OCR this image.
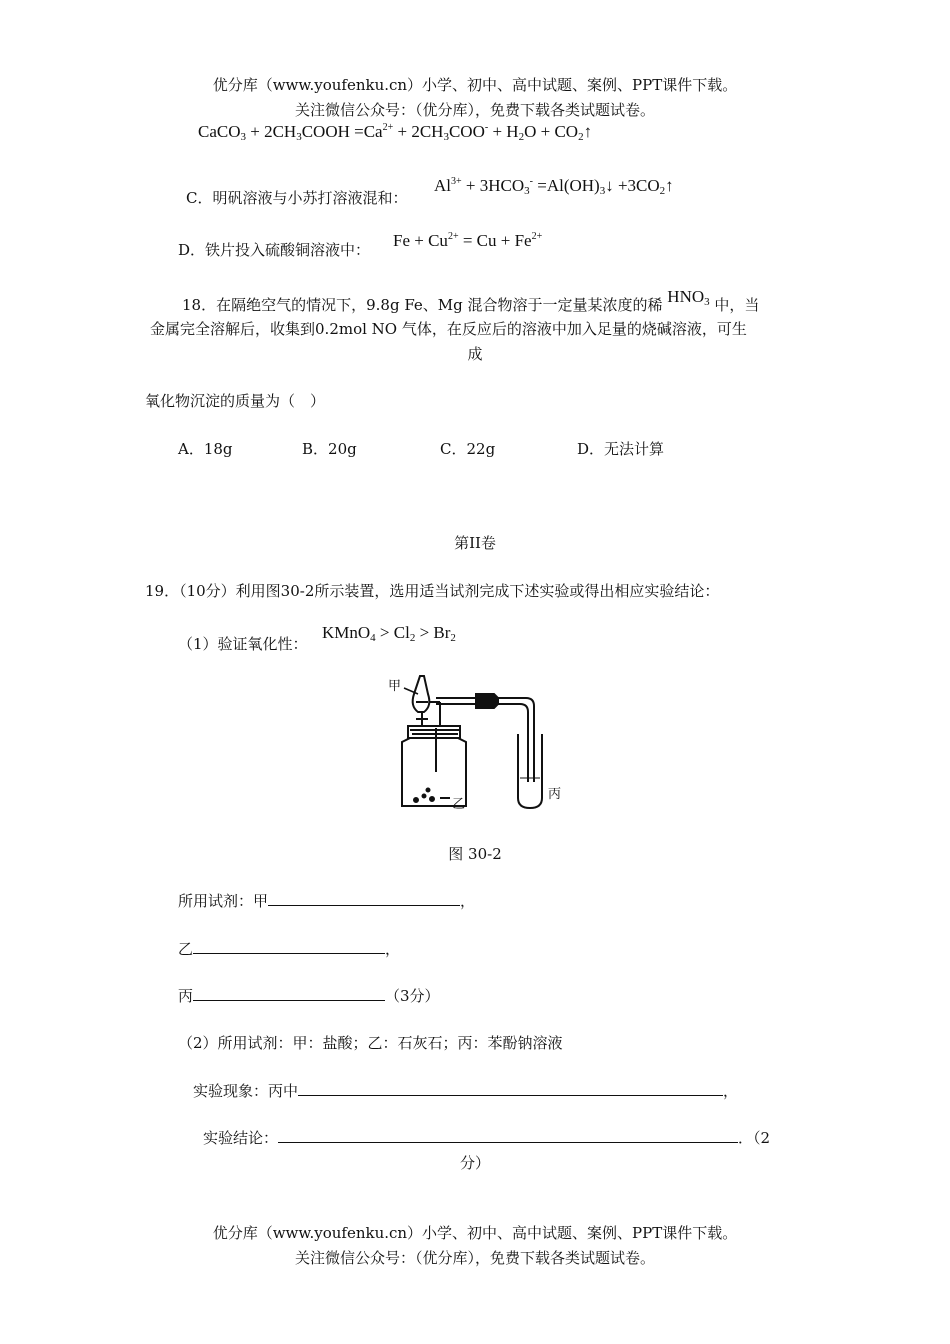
优分库（www.youfenku.cn）小学、初中、高中试题、案例、PPT课件下载。
关注微信公众号：（优分库），免费下载各类试题试卷。
CaCO$_3$ + $2CH_3COOH =Ca^{2+} + 2CH_3COO^- + H_2O$ + $CO_2↑$
C．明矾溶液与小苏打溶液混和：
$Al^{3+} + 3HCO_3^-$ $=Al(OH)_3↓$ $+3CO_2↑$
D．铁片投入硫酸铜溶液中： $Fe + Cu^{2+} = Cu + Fe^{2+}$
18．在隔绝空气的情况下，9.8g Fe、Mg 混合物溶于一定量某浓度的稀 $HNO_3$ 中，当
金属完全溶解后，收集到0.2mol NO 气体，在反应后的溶液中加入足量的烧碱溶液，可生
成
氧化物沉淀的质量为（　）
A．18g	B．20g	C．22g	D．无法计算
第II卷
19．（10分）利用图30-2所示装置，选用适当试剂完成下述实验或得出相应实验结论：
（1）验证氧化性：
KMnO$_4$ > $Cl_2 > Br_2$
甲
乙
丙
图 30-2
所用试剂：甲	，
乙	，
丙	（3分）
（2）所用试剂：甲：盐酸；乙：石灰石；丙：苯酚钠溶液
实验现象：丙中	，
实验结论：	．（2
分）
优分库（www.youfenku.cn）小学、初中、高中试题、案例、PPT课件下载。
关注微信公众号：（优分库），免费下载各类试题试卷。
